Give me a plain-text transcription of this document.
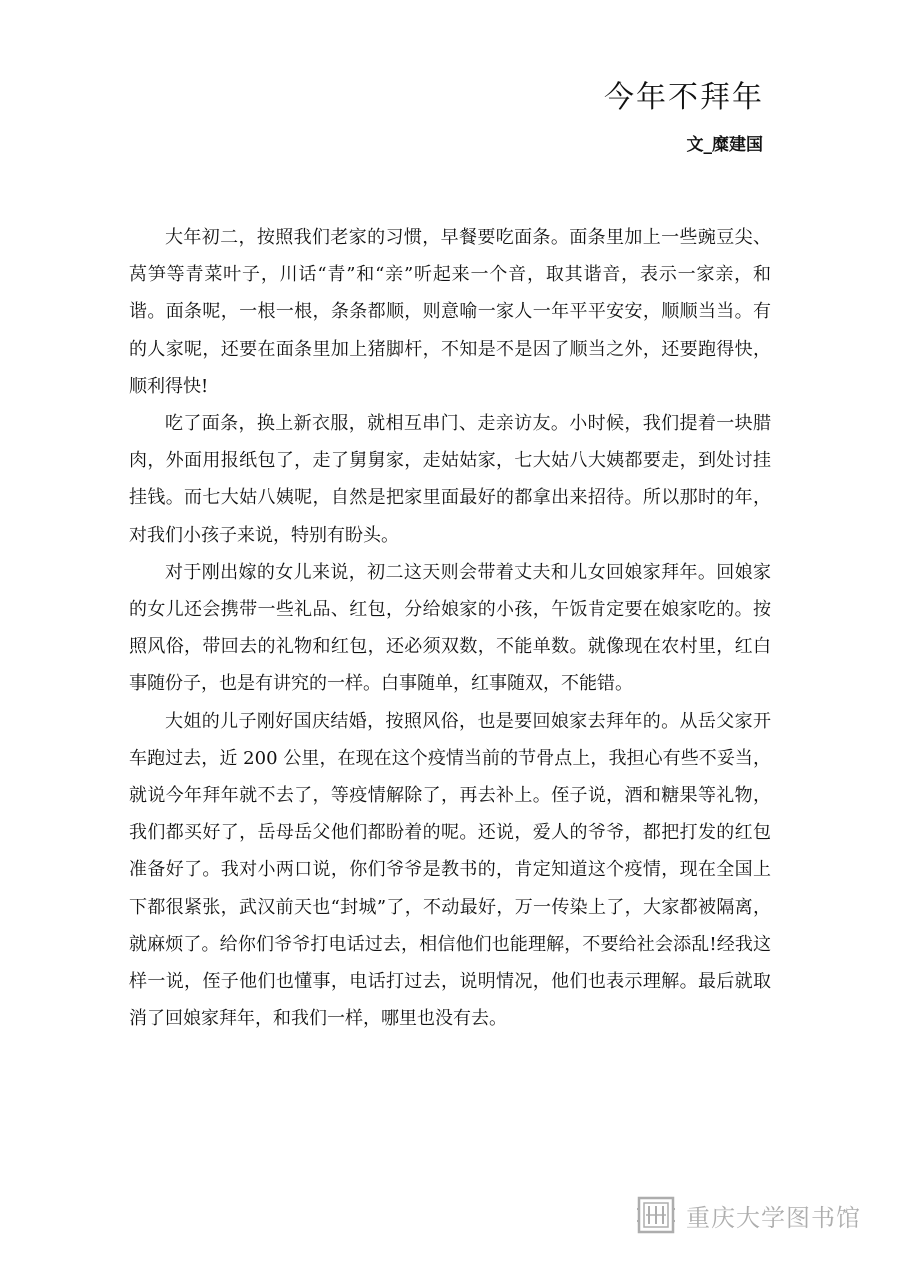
今年不拜年
文_糜建国

大年初二，按照我们老家的习惯，早餐要吃面条。面条里加上一些豌豆尖、莴笋等青菜叶子，川话“青”和“亲”听起来一个音，取其谐音，表示一家亲，和谐。面条呢，一根一根，条条都顺，则意喻一家人一年平平安安，顺顺当当。有的人家呢，还要在面条里加上猪脚杆，不知是不是因了顺当之外，还要跑得快，顺利得快!

吃了面条，换上新衣服，就相互串门、走亲访友。小时候，我们提着一块腊肉，外面用报纸包了，走了舅舅家，走姑姑家，七大姑八大姨都要走，到处讨挂挂钱。而七大姑八姨呢，自然是把家里面最好的都拿出来招待。所以那时的年，对我们小孩子来说，特别有盼头。

对于刚出嫁的女儿来说，初二这天则会带着丈夫和儿女回娘家拜年。回娘家的女儿还会携带一些礼品、红包，分给娘家的小孩，午饭肯定要在娘家吃的。按照风俗，带回去的礼物和红包，还必须双数，不能单数。就像现在农村里，红白事随份子，也是有讲究的一样。白事随单，红事随双，不能错。

大姐的儿子刚好国庆结婚，按照风俗，也是要回娘家去拜年的。从岳父家开车跑过去，近 200 公里，在现在这个疫情当前的节骨点上，我担心有些不妥当，就说今年拜年就不去了，等疫情解除了，再去补上。侄子说，酒和糖果等礼物，我们都买好了，岳母岳父他们都盼着的呢。还说，爱人的爷爷，都把打发的红包准备好了。我对小两口说，你们爷爷是教书的，肯定知道这个疫情，现在全国上下都很紧张，武汉前天也“封城”了，不动最好，万一传染上了，大家都被隔离，就麻烦了。给你们爷爷打电话过去，相信他们也能理解，不要给社会添乱!经我这样一说，侄子他们也懂事，电话打过去，说明情况，他们也表示理解。最后就取消了回娘家拜年，和我们一样，哪里也没有去。

重庆大学图书馆
